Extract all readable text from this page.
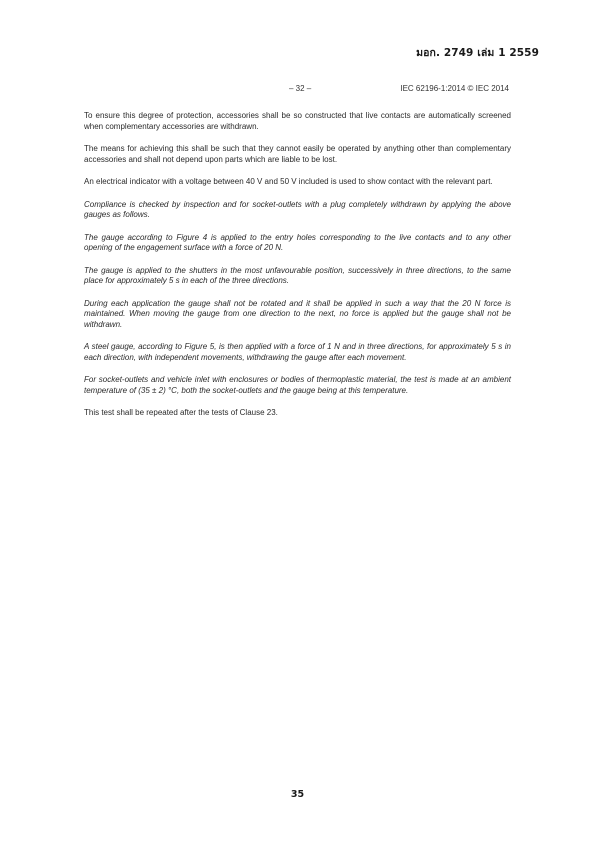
มอก. 2749 เล่ม 1 2559
– 32 –	IEC 62196-1:2014 © IEC 2014

To ensure this degree of protection, accessories shall be so constructed that live contacts are automatically screened when complementary accessories are withdrawn.

The means for achieving this shall be such that they cannot easily be operated by anything other than complementary accessories and shall not depend upon parts which are liable to be lost.

An electrical indicator with a voltage between 40 V and 50 V included is used to show contact with the relevant part.

Compliance is checked by inspection and for socket-outlets with a plug completely withdrawn by applying the above gauges as follows.

The gauge according to Figure 4 is applied to the entry holes corresponding to the live contacts and to any other opening of the engagement surface with a force of 20 N.

The gauge is applied to the shutters in the most unfavourable position, successively in three directions, to the same place for approximately 5 s in each of the three directions.

During each application the gauge shall not be rotated and it shall be applied in such a way that the 20 N force is maintained. When moving the gauge from one direction to the next, no force is applied but the gauge shall not be withdrawn.

A steel gauge, according to Figure 5, is then applied with a force of 1 N and in three directions, for approximately 5 s in each direction, with independent movements, withdrawing the gauge after each movement.

For socket-outlets and vehicle inlet with enclosures or bodies of thermoplastic material, the test is made at an ambient temperature of (35 ± 2) °C, both the socket-outlets and the gauge being at this temperature.

This test shall be repeated after the tests of Clause 23.

35
